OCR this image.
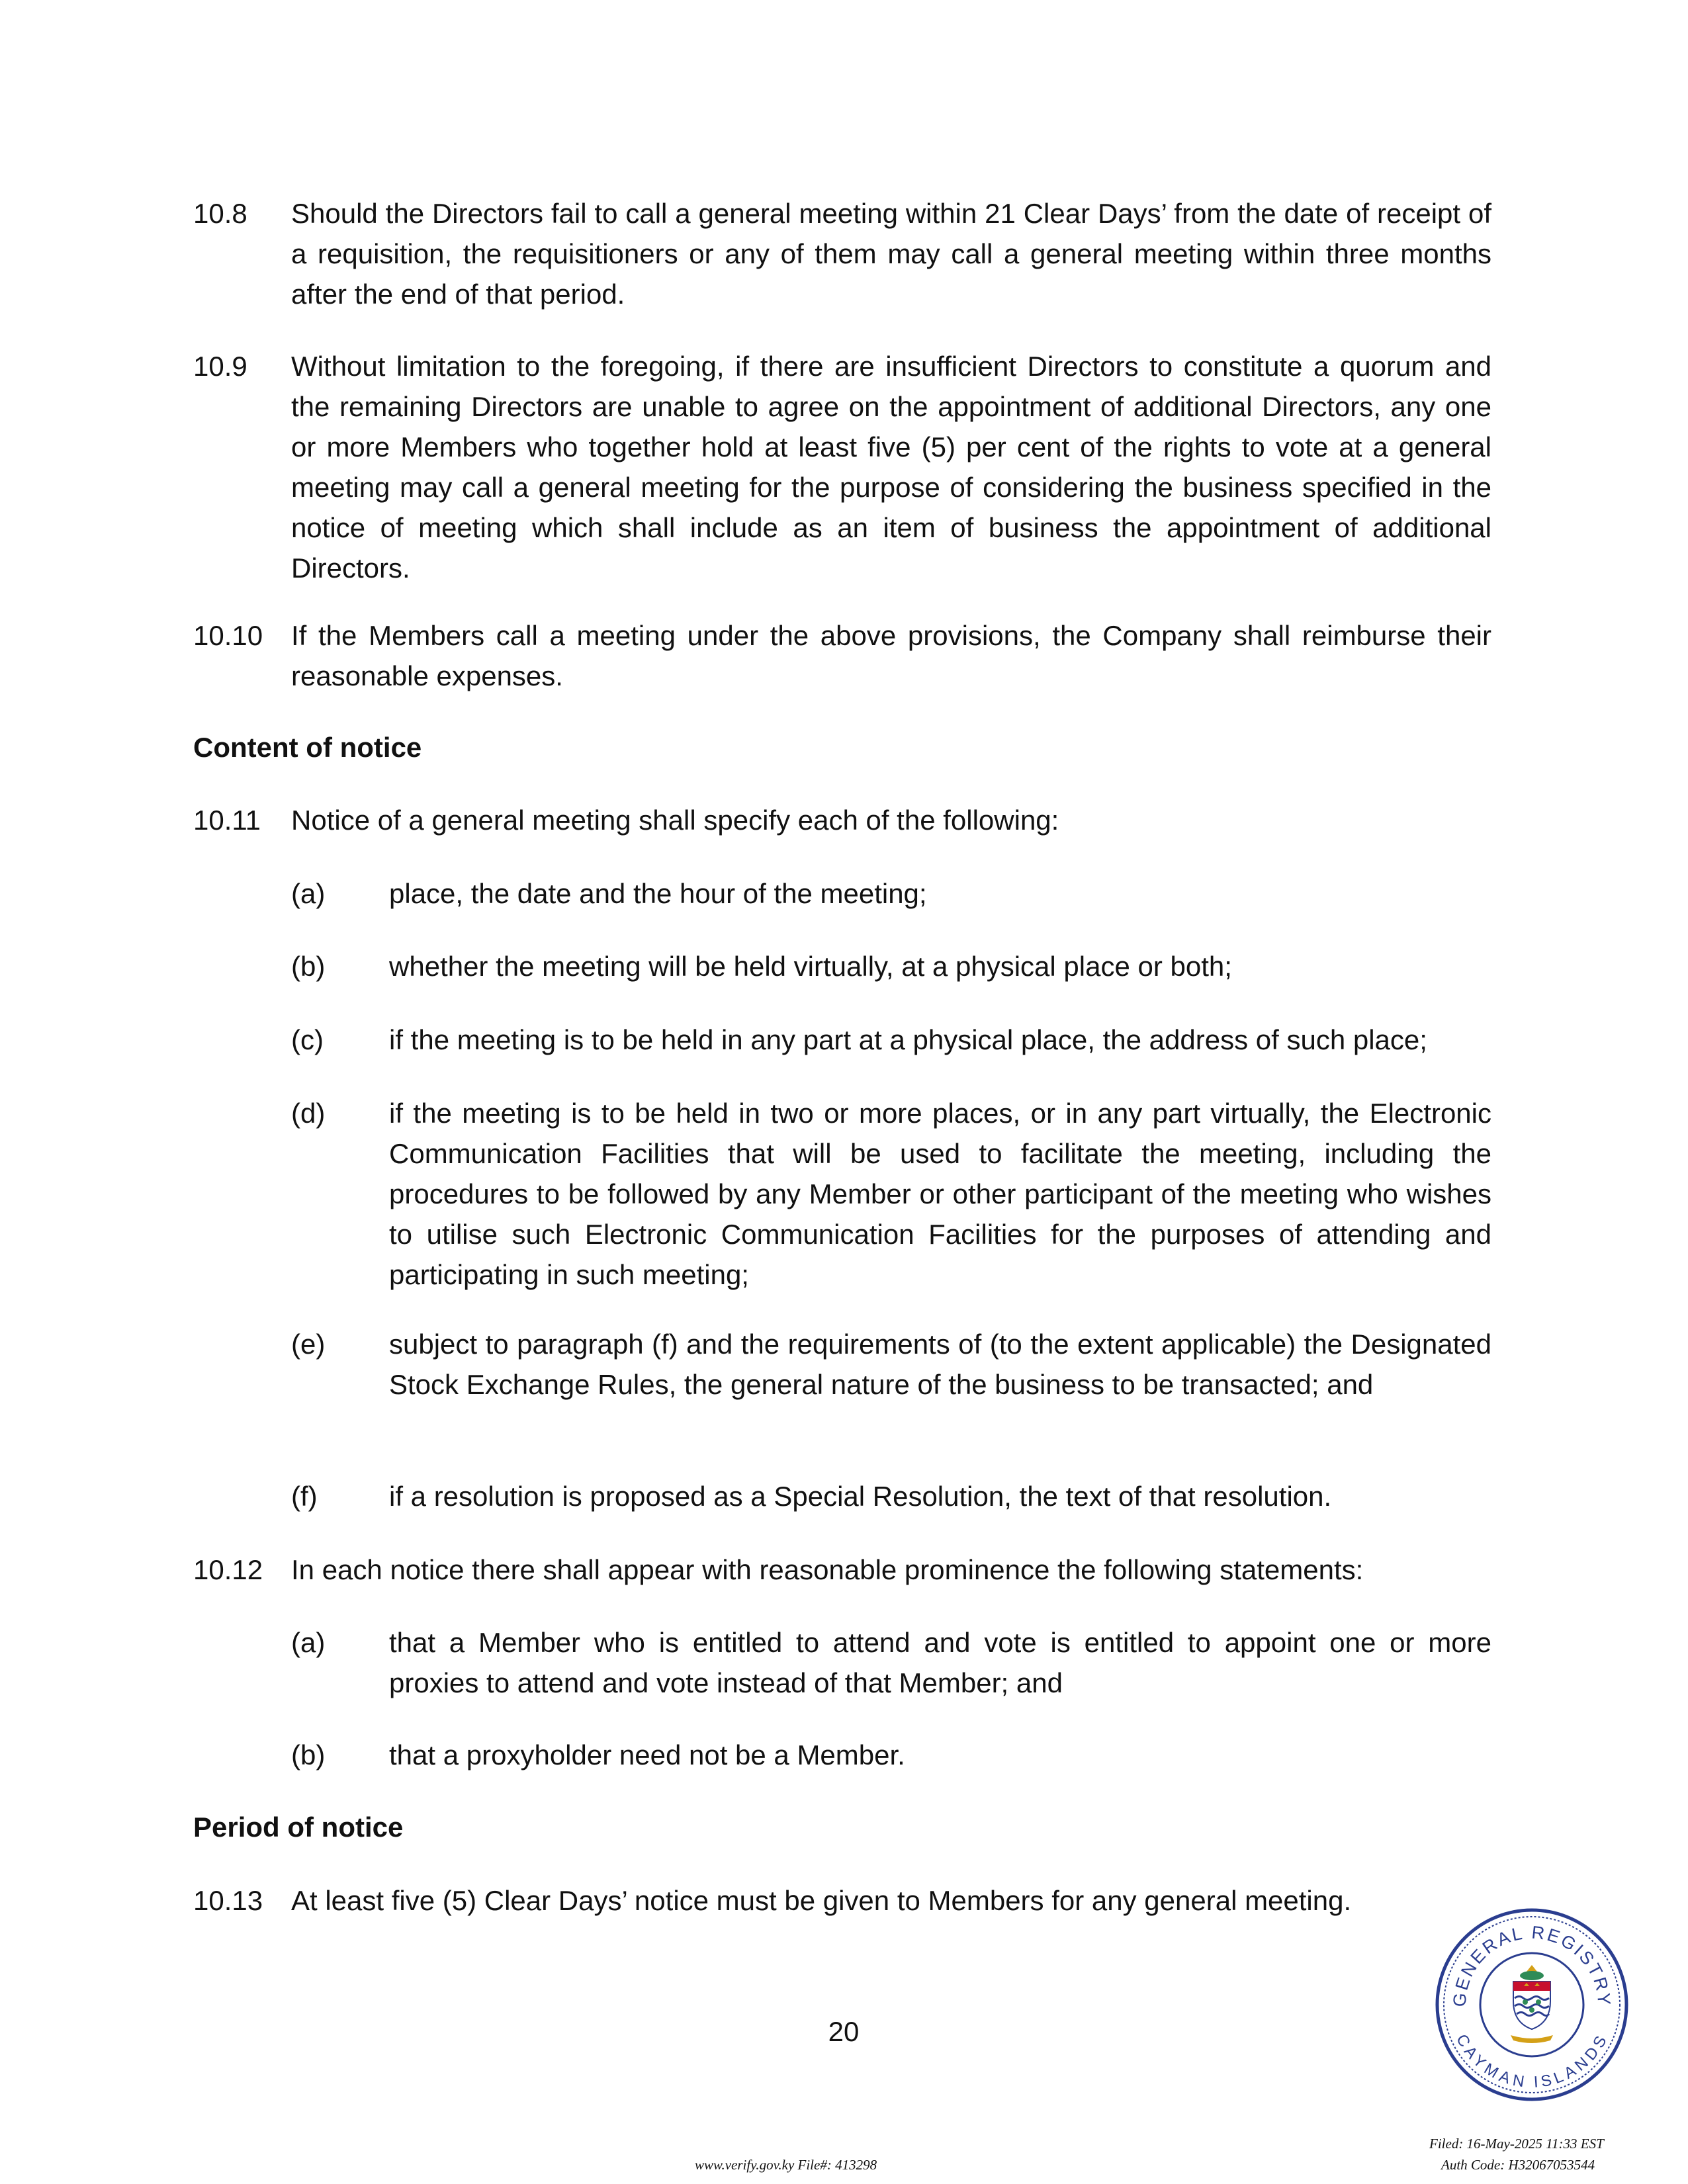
10.8 Should the Directors fail to call a general meeting within 21 Clear Days’ from the date of receipt of a requisition, the requisitioners or any of them may call a general meeting within three months after the end of that period.
10.9 Without limitation to the foregoing, if there are insufficient Directors to constitute a quorum and the remaining Directors are unable to agree on the appointment of additional Directors, any one or more Members who together hold at least five (5) per cent of the rights to vote at a general meeting may call a general meeting for the purpose of considering the business specified in the notice of meeting which shall include as an item of business the appointment of additional Directors.
10.10 If the Members call a meeting under the above provisions, the Company shall reimburse their reasonable expenses.
Content of notice
10.11 Notice of a general meeting shall specify each of the following:
(a) place, the date and the hour of the meeting;
(b) whether the meeting will be held virtually, at a physical place or both;
(c) if the meeting is to be held in any part at a physical place, the address of such place;
(d) if the meeting is to be held in two or more places, or in any part virtually, the Electronic Communication Facilities that will be used to facilitate the meeting, including the procedures to be followed by any Member or other participant of the meeting who wishes to utilise such Electronic Communication Facilities for the purposes of attending and participating in such meeting;
(e) subject to paragraph (f) and the requirements of (to the extent applicable) the Designated Stock Exchange Rules, the general nature of the business to be transacted; and
(f)	if a resolution is proposed as a Special Resolution, the text of that resolution.
10.12 In each notice there shall appear with reasonable prominence the following statements:
(a) that a Member who is entitled to attend and vote is entitled to appoint one or more proxies to attend and vote instead of that Member; and
(b) that a proxyholder need not be a Member.
Period of notice
10.13 At least five (5) Clear Days’ notice must be given to Members for any general meeting.
20
GENERAL REGISTRY
CAYMAN ISLANDS
www.verify.gov.ky File#: 413298
Filed: 16-May-2025 11:33 EST
Auth Code: H32067053544
